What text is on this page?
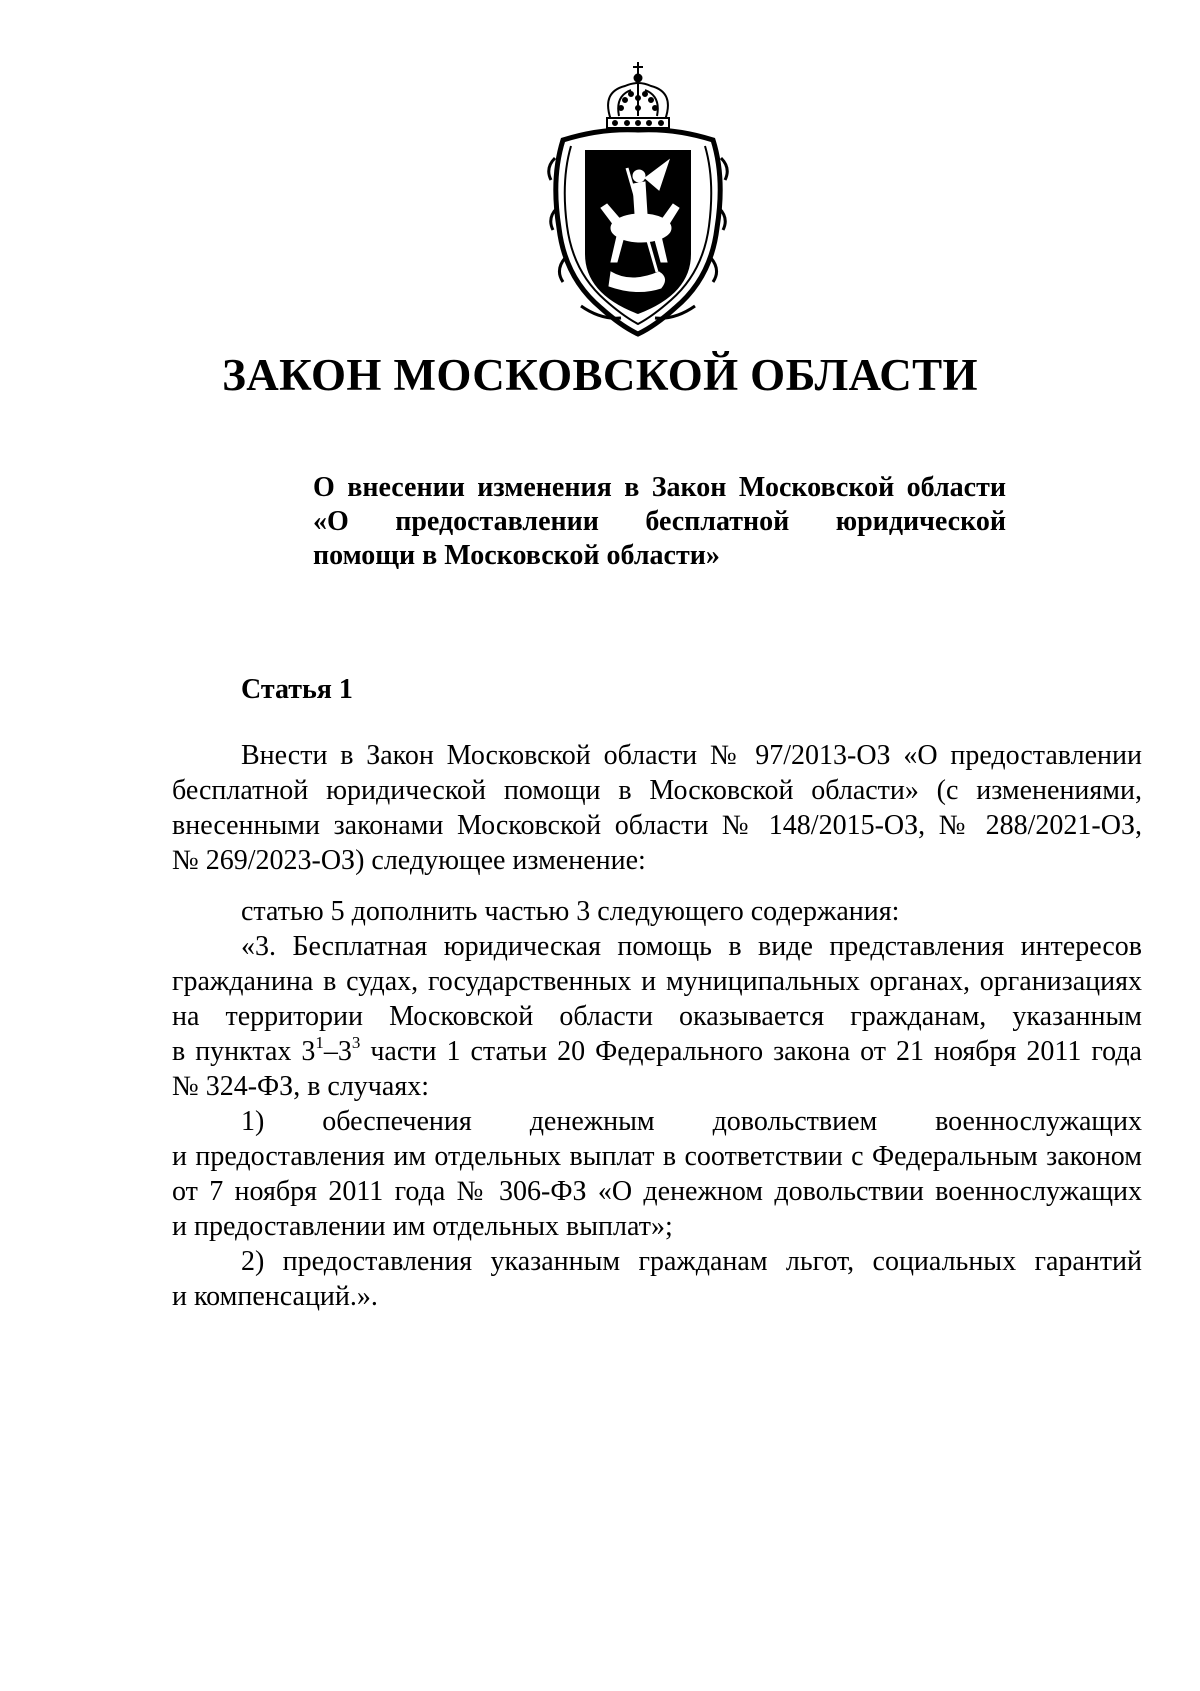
ЗАКОН МОСКОВСКОЙ ОБЛАСТИ
О внесении изменения в Закон Московской области
«О предоставлении бесплатной юридической
помощи в Московской области»
Статья 1
Внести в Закон Московской области № 97/2013-ОЗ «О предоставлении
бесплатной юридической помощи в Московской области» (с изменениями,
внесенными законами Московской области № 148/2015-ОЗ, № 288/2021-ОЗ,
№ 269/2023-ОЗ) следующее изменение:
статью 5 дополнить частью 3 следующего содержания:
«3. Бесплатная юридическая помощь в виде представления интересов
гражданина в судах, государственных и муниципальных органах, организациях
на территории Московской области оказывается гражданам, указанным
в пунктах $3^1-3^3$ части 1 статьи 20 Федерального закона от 21 ноября 2011 года
№ 324-ФЗ, в случаях:
1) обеспечения денежным довольствием военнослужащих
и предоставления им отдельных выплат в соответствии с Федеральным законом
от 7 ноября 2011 года № 306-ФЗ «О денежном довольствии военнослужащих
и предоставлении им отдельных выплат»;
2) предоставления указанным гражданам льгот, социальных гарантий
и компенсаций.».
